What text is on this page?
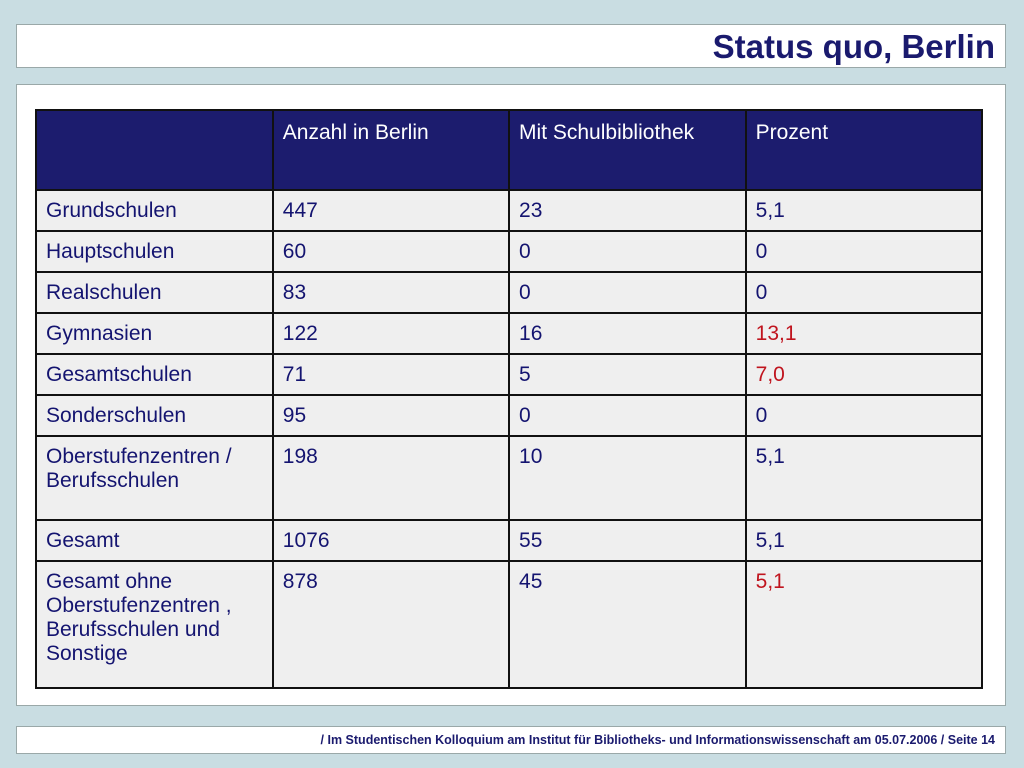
Status quo, Berlin
	Anzahl in Berlin	Mit Schulbibliothek	Prozent
Grundschulen	447	23	5,1
Hauptschulen	60	0	0
Realschulen	83	0	0
Gymnasien	122	16	13,1
Gesamtschulen	71	5	7,0
Sonderschulen	95	0	0
Oberstufenzentren / Berufsschulen	198	10	5,1
Gesamt	1076	55	5,1
Gesamt ohne Oberstufenzentren , Berufsschulen und Sonstige	878	45	5,1
/ Im Studentischen Kolloquium am Institut für Bibliotheks- und Informationswissenschaft am 05.07.2006 / Seite 14
